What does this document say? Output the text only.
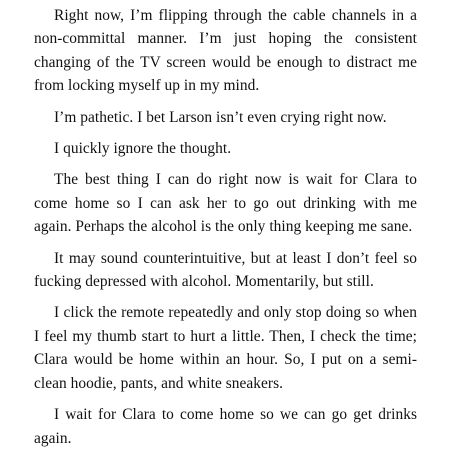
Right now, I’m flipping through the cable channels in a non-committal manner. I’m just hoping the consistent changing of the TV screen would be enough to distract me from locking myself up in my mind.

I’m pathetic. I bet Larson isn’t even crying right now.

I quickly ignore the thought.

The best thing I can do right now is wait for Clara to come home so I can ask her to go out drinking with me again. Perhaps the alcohol is the only thing keeping me sane.

It may sound counterintuitive, but at least I don’t feel so fucking depressed with alcohol. Momentarily, but still.

I click the remote repeatedly and only stop doing so when I feel my thumb start to hurt a little. Then, I check the time; Clara would be home within an hour. So, I put on a semi-clean hoodie, pants, and white sneakers.

I wait for Clara to come home so we can go get drinks again.
